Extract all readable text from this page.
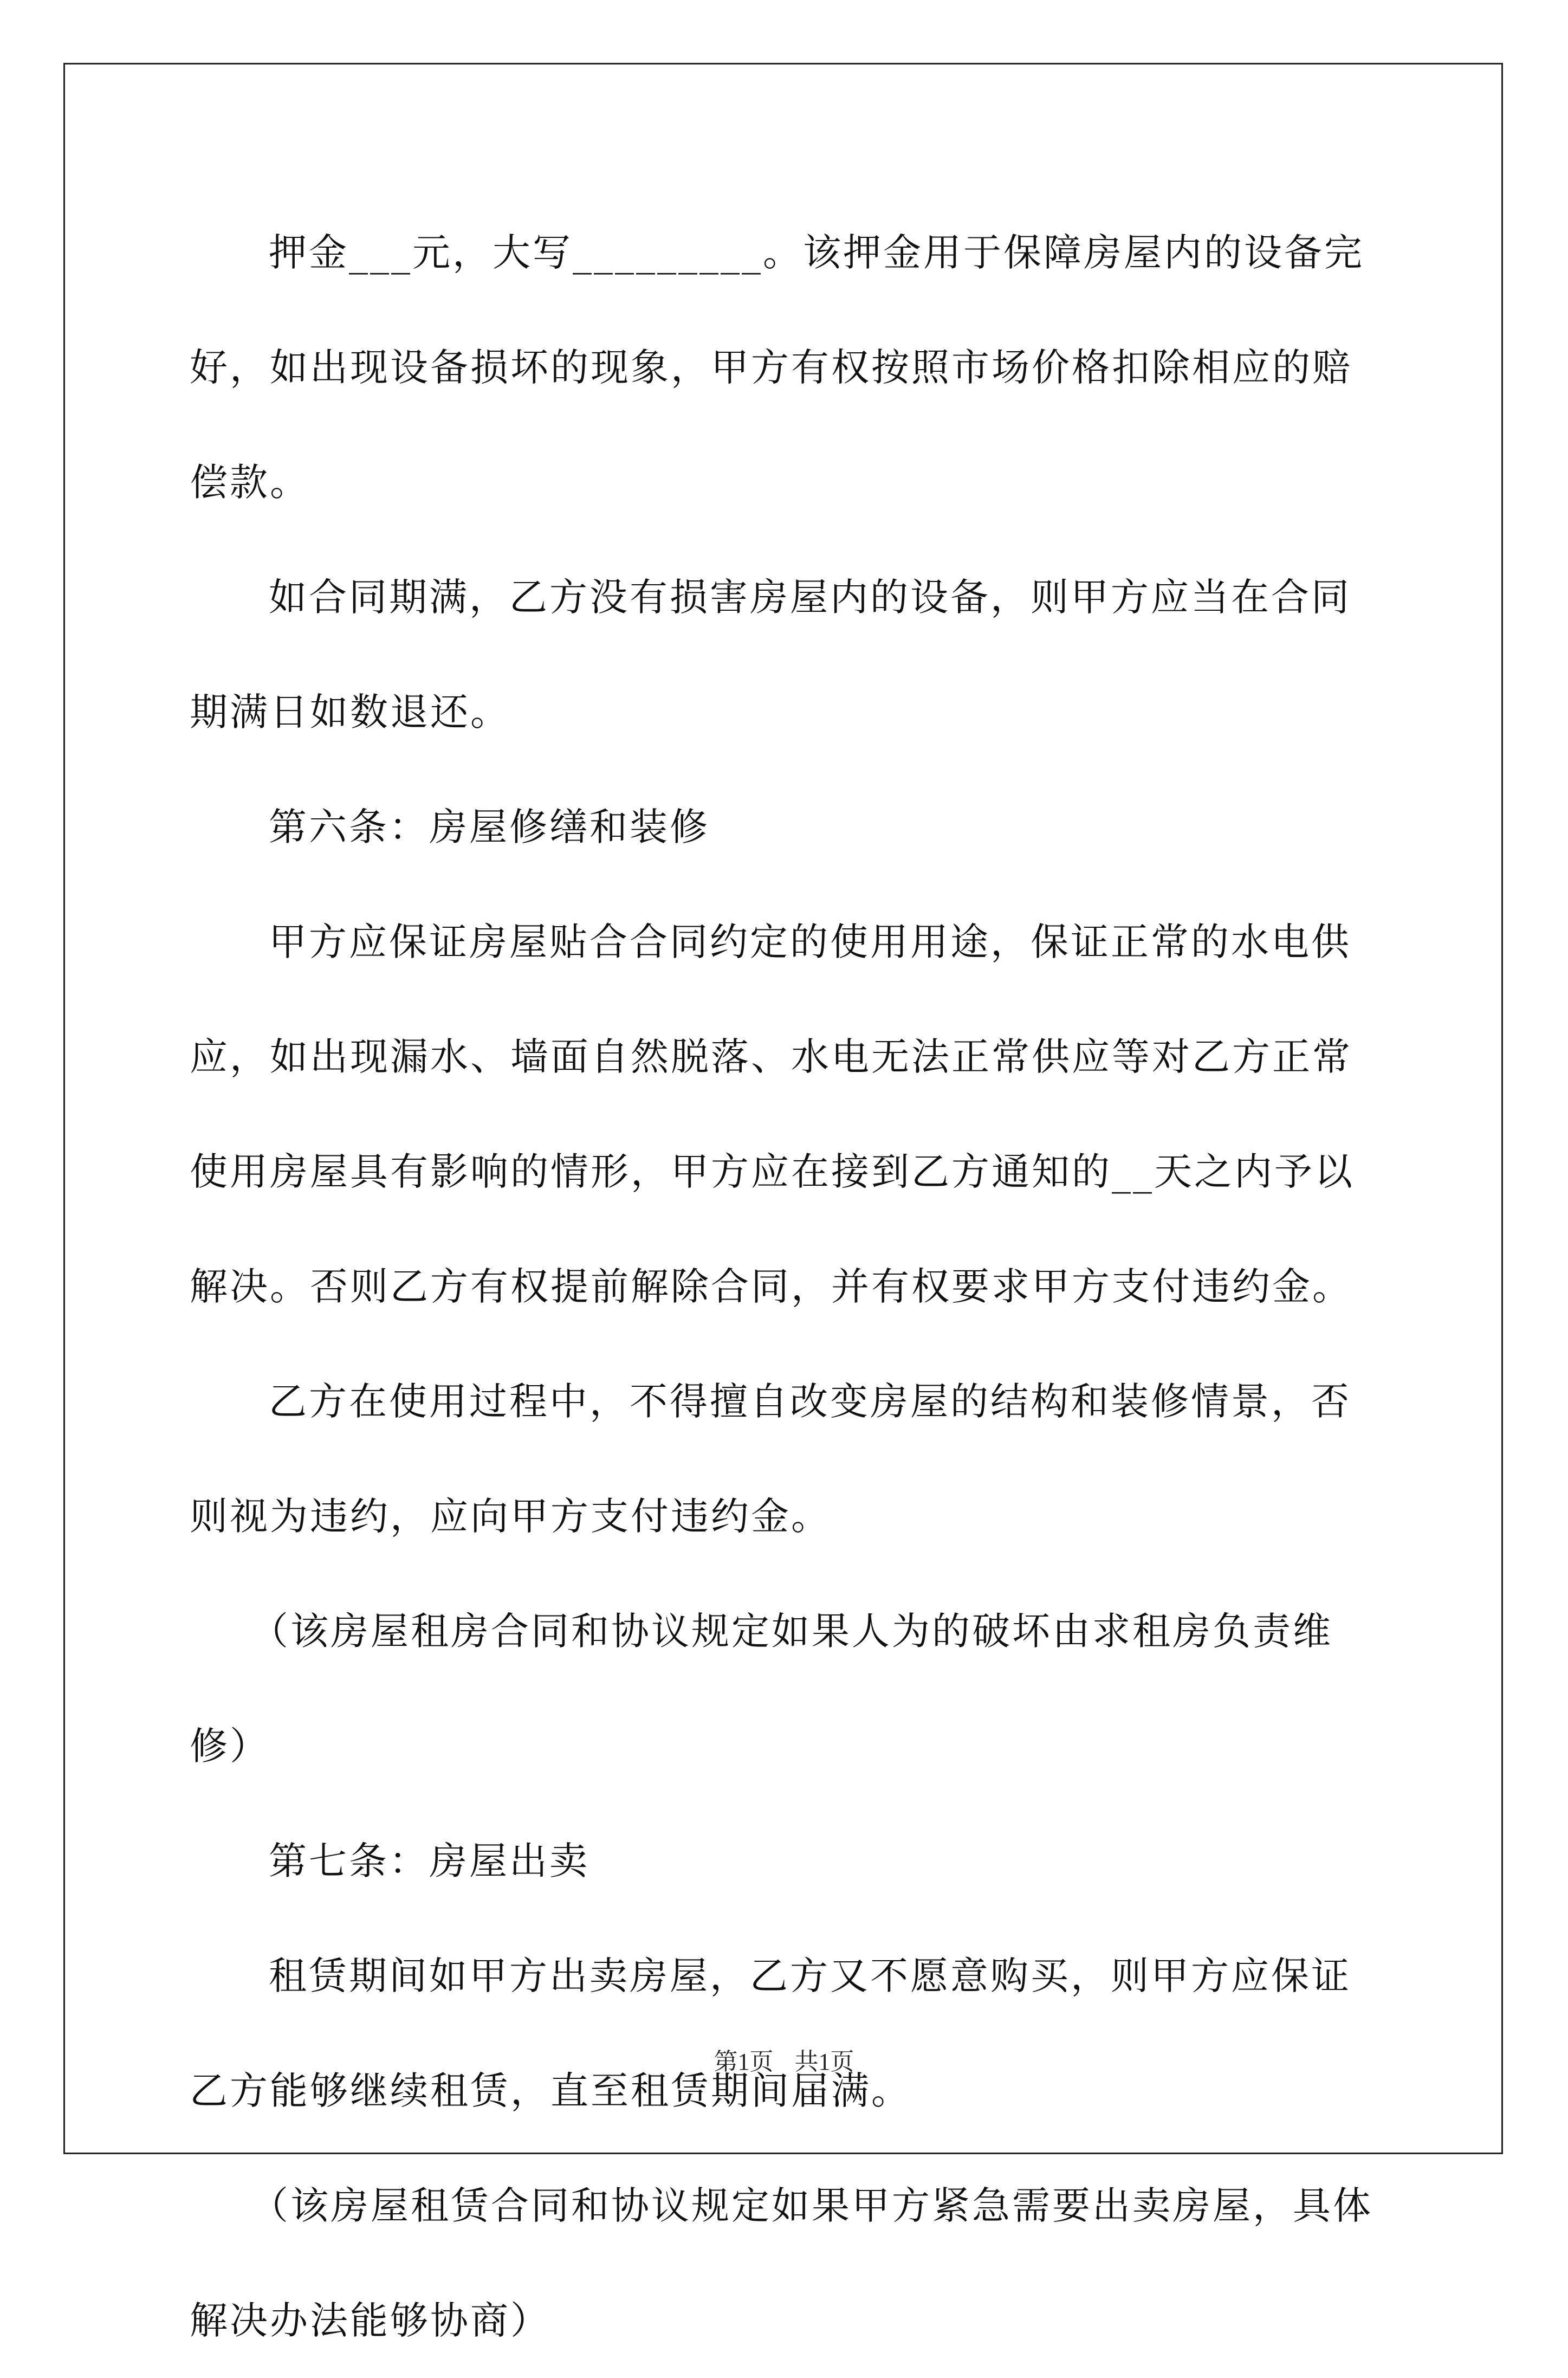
押金___元，大写_________。该押金用于保障房屋内的设备完好，如出现设备损坏的现象，甲方有权按照市场价格扣除相应的赔偿款。

如合同期满，乙方没有损害房屋内的设备，则甲方应当在合同期满日如数退还。

第六条：房屋修缮和装修

甲方应保证房屋贴合合同约定的使用用途，保证正常的水电供应，如出现漏水、墙面自然脱落、水电无法正常供应等对乙方正常使用房屋具有影响的情形，甲方应在接到乙方通知的__天之内予以解决。否则乙方有权提前解除合同，并有权要求甲方支付违约金。

乙方在使用过程中，不得擅自改变房屋的结构和装修情景，否则视为违约，应向甲方支付违约金。

（该房屋租房合同和协议规定如果人为的破坏由求租房负责维修）

第七条：房屋出卖

租赁期间如甲方出卖房屋，乙方又不愿意购买，则甲方应保证乙方能够继续租赁，直至租赁期间届满。

（该房屋租赁合同和协议规定如果甲方紧急需要出卖房屋，具体解决办法能够协商）

第1页 共1页
